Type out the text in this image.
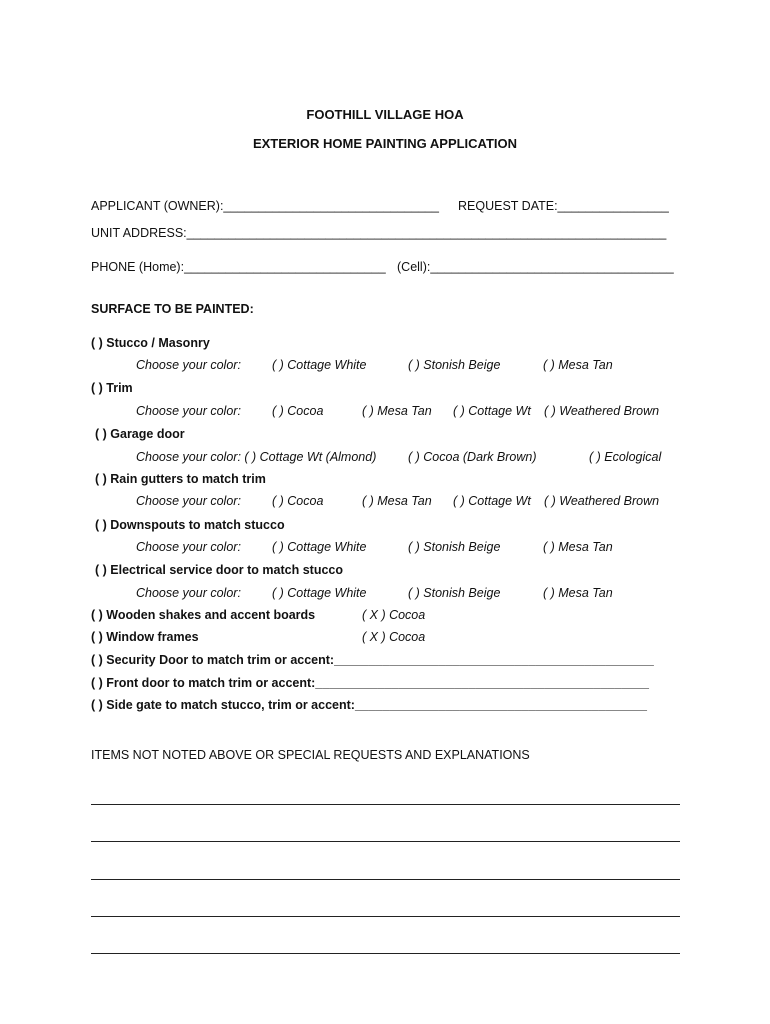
FOOTHILL VILLAGE HOA
EXTERIOR HOME PAINTING APPLICATION
APPLICANT (OWNER):_______________________________ REQUEST DATE:________________
UNIT ADDRESS:_____________________________________________________________________
PHONE (Home):_____________________________ (Cell):___________________________________
SURFACE TO BE PAINTED:
( ) Stucco / Masonry
Choose your color: ( ) Cottage White	( ) Stonish Beige	( ) Mesa Tan
( ) Trim
Choose your color: ( ) Cocoa	( ) Mesa Tan ( ) Cottage Wt ( ) Weathered Brown
( ) Garage door
Choose your color: ( ) Cottage Wt (Almond)	( ) Cocoa (Dark Brown)	( ) Ecological
( ) Rain gutters to match trim
Choose your color: ( ) Cocoa	( ) Mesa Tan ( ) Cottage Wt ( ) Weathered Brown
( ) Downspouts to match stucco
Choose your color: ( ) Cottage White	( ) Stonish Beige	( ) Mesa Tan
( ) Electrical service door to match stucco
Choose your color: ( ) Cottage White	( ) Stonish Beige	( ) Mesa Tan
( ) Wooden shakes and accent boards	( X ) Cocoa
( ) Window frames	( X ) Cocoa
( ) Security Door to match trim or accent:______________________________________________
( ) Front door to match trim or accent:________________________________________________
( ) Side gate to match stucco, trim or accent:__________________________________________
ITEMS NOT NOTED ABOVE OR SPECIAL REQUESTS AND EXPLANATIONS
